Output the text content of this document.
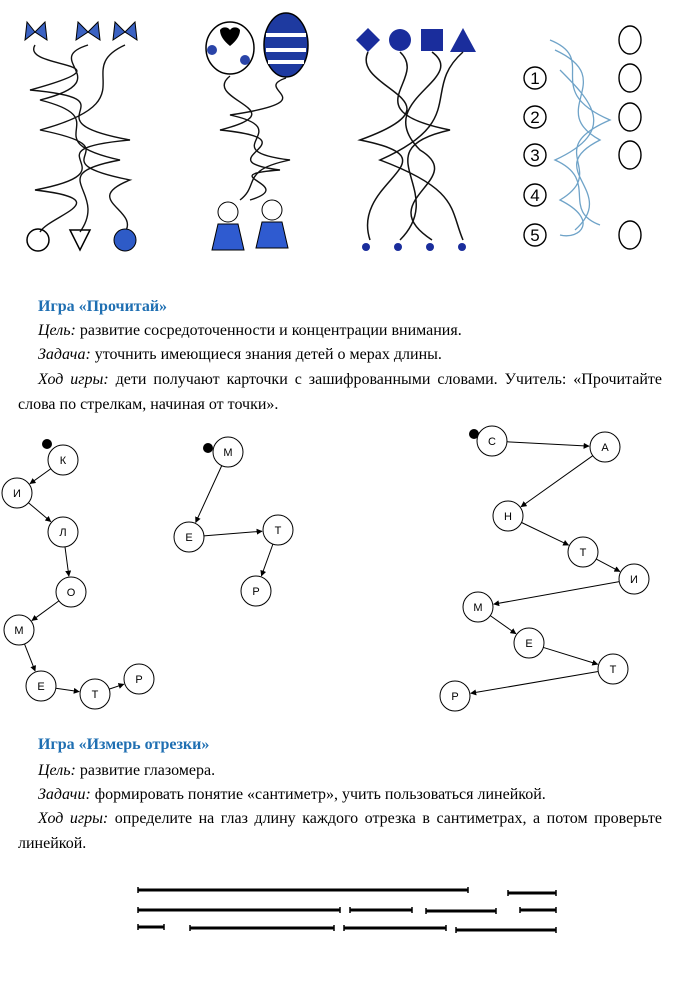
1
2
3
4
5
Игра «Прочитай»
Цель: развитие сосредоточенности и концентрации внимания.
Задача: уточнить имеющиеся знания детей о мерах длины.
Ход игры: дети получают карточки с зашифрованными словами. Учитель: «Прочитайте слова по стрелкам, начиная от точки».
К
И
Л
О
М
Е
Т
Р
М
Е
Т
Р
С	А
Н
Т
И
М
Е
Т
Р
Игра «Измерь отрезки»
Цель: развитие глазомера.
Задачи: формировать понятие «сантиметр», учить пользоваться линейкой.
Ход игры: определите на глаз длину каждого отрезка в сантиметрах, а потом проверьте линейкой.
